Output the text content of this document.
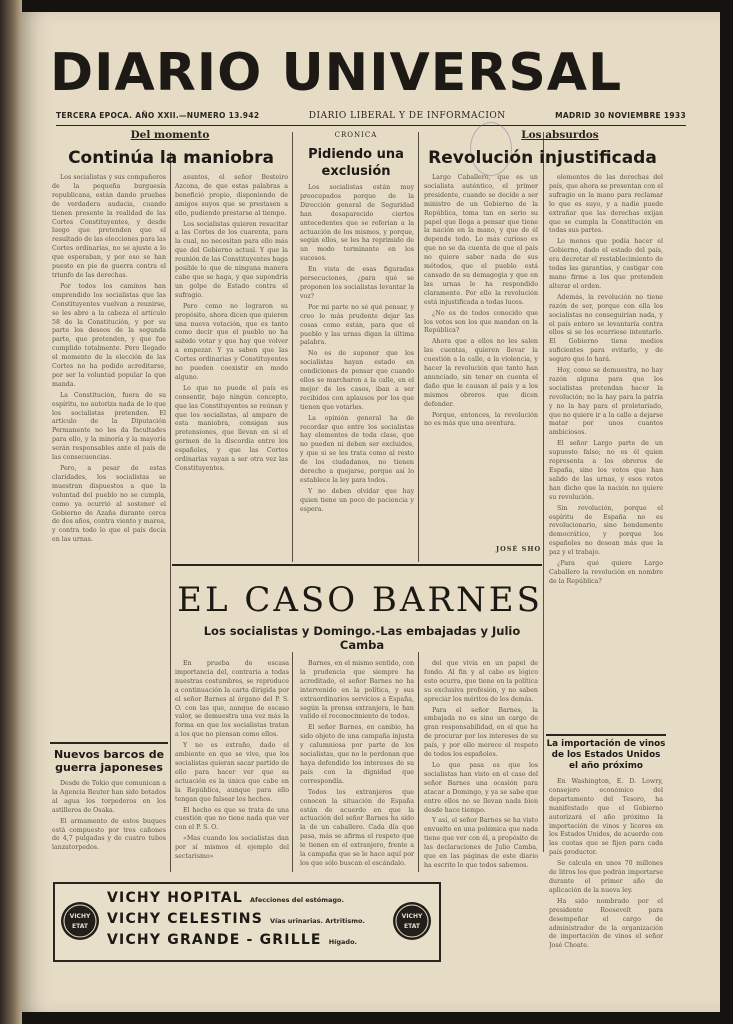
DIARIO UNIVERSAL
TERCERA EPOCA. AÑO XXII.—NUMERO 13.942	DIARIO LIBERAL Y DE INFORMACION	MADRID 30 NOVIEMBRE 1933
Del momento
Continúa la maniobra

Los socialistas y sus compañeros de la pequeña burguesía republicana, están dando pruebas de verdadera audacia, cuando tienen presente la realidad de las Cortes Constituyentes, y desde luego que pretenden que el resultado de las elecciones para las Cortes ordinarias, no se ajuste a lo que esperaban, y por eso se han puesto en pie de guerra contra el triunfo de las derechas.

Por todos los caminos han emprendido los socialistas que las Constituyentes vuelvan a reunirse, se les abre a la cabeza el artículo 58 de la Constitución, y por su parte los deseos de la segunda parte, que pretenden, y que fue cumplido totalmente. Pero llegado el momento de la elección de las Cortes no ha podido acreditarse, por ser la voluntad popular la que manda.

La Constitución, fuera de su espíritu, no autoriza nada de lo que los socialistas pretenden. El artículo de la Diputación Permanente no les da facultades para ello, y la minoría y la mayoría serán responsables ante el país de las consecuencias.

Pero, a pesar de estas claridades, los socialistas se muestran dispuestos a que la voluntad del pueblo no se cumpla, como ya ocurrió al sostener el Gobierno de Azaña durante cerca de dos años, contra viento y marea, y contra todo lo que el país decía en las urnas.

asuntos, el señor Besteiro Azcona, de que estas palabras a benefició propio, disponiendo de amigos suyos que se prestasen a ello, pudiendo prestarse al tiempo.

Los socialistas quieren resucitar a las Cortes de los cuarenta, para la cual, no necesitan para ello más que del Gobierno actual. Y que la reunión de las Constituyentes haga posible lo que de ninguna manera cabe que se haga, y que supondría un golpe de Estado contra el sufragio.

Pero como no lograron su propósito, ahora dicen que quieren una nueva votación, que es tanto como decir que el pueblo no ha sabido votar y que hay que volver a empezar. Y ya saben que las Cortes ordinarias y Constituyentes no pueden coexistir en modo alguno.

Lo que no puede el país es consentir, bajo ningún concepto, que las Constituyentes se reúnan y que los socialistas, al amparo de esta maniobra, consigan sus pretensiones, que llevan en sí el germen de la discordia entre los españoles, y que las Cortes ordinarias vayan a ser otra vez las Constituyentes.

CRONICA
Pidiendo una exclusión

Los socialistas están muy preocupados porque de la Dirección general de Seguridad han desaparecido ciertos antecedentes que se referían a la actuación de los mismos, y porque, según ellos, se les ha reprimido de un modo terminante en los sucesos.

En vista de esas figuradas persecuciones, ¿para qué se proponen los socialistas levantar la voz?

Por mi parte no sé qué pensar, y creo lo más prudente dejar las cosas como están, para que el pueblo y las urnas digan la última palabra.

No es de suponer que los socialistas hayan estado en condiciones de pensar que cuando ellos se marcharon a la calle, en el mejor de los casos, iban a ser recibidos con aplausos por los que tienen que votarles.

La opinión general ha de recordar que entre los socialistas hay elementos de toda clase, que no pueden ni deben ser excluidos, y que si se les trata como al resto de los ciudadanos, no tienen derecho a quejarse, porque así lo establece la ley para todos.

Y no deben olvidar que hay quien tiene un poco de paciencia y espera.

Los absurdos
Revolución injustificada

Largo Caballero, que es un socialista auténtico, el primer presidente, cuando se decide a ser ministro de un Gobierno de la República, toma tan en serio su papel que llega a pensar que tiene la nación en la mano, y que de él depende todo. Lo más curioso es que no se da cuenta de que el país no quiere saber nada de sus métodos, que el pueblo está cansado de su demagogia y que en las urnas le ha respondido claramente. Por ello la revolución está injustificada a todas luces.

¿No es de todos conocido que los votos son los que mandan en la República?

Ahora que a ellos no les salen las cuentas, quieren llevar la cuestión a la calle, a la violencia, y hacer la revolución que tanto han anunciado, sin tener en cuenta el daño que le causan al país y a los mismos obreros que dicen defender.

Porque, entonces, la revolución no es más que una aventura.

JOSÉ SHO

elementos de las derechas del país, que ahora se presentan con el sufragio en la mano para reclamar lo que es suyo, y a nadie puede extrañar que las derechas exijan que se cumpla la Constitución en todas sus partes.

Lo menos que podía hacer el Gobierno, dado el estado del país, era decretar el restablecimiento de todas las garantías, y castigar con mano firme a los que pretenden alterar el orden.

Además, la revolución no tiene razón de ser, porque con ella los socialistas no conseguirían nada, y el país entero se levantaría contra ellos si se les ocurriese intentarlo. El Gobierno tiene medios suficientes para evitarlo, y de seguro que lo hará.

Hoy, como se demuestra, no hay razón alguna para que los socialistas pretendan hacer la revolución; no la hay para la patria y no la hay para el proletariado, que no quiere ir a la calle a dejarse matar por unos cuantos ambiciosos.

El señor Largo parte de un supuesto falso; no es él quien representa a los obreros de España, sino los votos que han salido de las urnas, y esos votos han dicho que la nación no quiere su revolución.

Sin revolución, porque el espíritu de España no es revolucionario, sino hondamente democrático, y porque los españoles no desean más que la paz y el trabajo.

¿Para qué quiere Largo Caballero la revolución en nombre de la República?

EL CASO BARNES
Los socialistas y Domingo.-Las embajadas y Julio Camba

En prueba de escasa importancia del, contraria a todas nuestras costumbres, se reproduce a continuación la carta dirigida por el señor Barnes al órgano del P. S. O. con las que, aunque de escaso valor, se demuestra una vez más la forma en que los socialistas tratan a los que no piensan como ellos.

Y no es extraño, dado el ambiente en que se vive, que los socialistas quieran sacar partido de ello para hacer ver que su actuación es la única que cabe en la República, aunque para ello tengan que falsear los hechos.

El hecho es que se trata de una cuestión que no tiene nada que ver con el P. S. O.

«Mas cuando los socialistas dan por sí mismos el ejemplo del sectarismo»

Barnes, en el mismo sentido, con la prudencia que siempre ha acreditado, el señor Barnes no ha intervenido en la política, y sus extraordinarios servicios a España, según la prensa extranjera, le han valido el reconocimiento de todos.

El señor Barnes, en cambio, ha sido objeto de una campaña injusta y calumniosa por parte de los socialistas, que no le perdonan que haya defendido los intereses de su país con la dignidad que correspondía.

Todos los extranjeros que conocen la situación de España están de acuerdo en que la actuación del señor Barnes ha sido la de un caballero. Cada día que pasa, más se afirma el respeto que le tienen en el extranjero, frente a la campaña que se le hace aquí por los que sólo buscan el escándalo.

del que vivía en un papel de fondo. Al fin y al cabo es lógico esto ocurra, que tiene en la política su exclusiva profesión, y no saben apreciar los méritos de los demás.

Para el señor Barnes, la embajada no es sino un cargo de gran responsabilidad, en el que ha de procurar por los intereses de su país, y por ello merece el respeto de todos los españoles.

Lo que pasa es que los socialistas han visto en el caso del señor Barnes una ocasión para atacar a Domingo, y ya se sabe que entre ellos no se llevan nada bien desde hace tiempo.

Y así, el señor Barnes se ha visto envuelto en una polémica que nada tiene que ver con él, a propósito de las declaraciones de Julio Camba, que en las páginas de este diario ha escrito lo que todos sabemos.

Nuevos barcos de guerra japoneses

Desde de Tokio que comunican a la Agencia Reuter han sido botados al agua los torpederos en los astilleros de Osaka.

El armamento de estos buques está compuesto por tres cañones de 4,7 pulgadas y de cuatro tubos lanzatorpedos.

La importación de vinos de los Estados Unidos el año próximo

En Washington, E. D. Lowry, consejero económico del departamento del Tesoro, ha manifestado que el Gobierno autorizará el año próximo la importación de vinos y licores en los Estados Unidos, de acuerdo con las cuotas que se fijen para cada país productor.

Se calcula en unos 70 millones de litros los que podrán importarse durante el primer año de aplicación de la nueva ley.

Ha sido nombrado por el presidente Roosevelt para desempeñar el cargo de administrador de la organización de importación de vinos el señor José Choate.

VICHY
ETAT
VICHY HOPITAL Afecciones del estómago.
VICHY CELESTINS Vías urinarias. Artritismo.
VICHY GRANDE - GRILLE Hígado.
VICHY
ETAT
